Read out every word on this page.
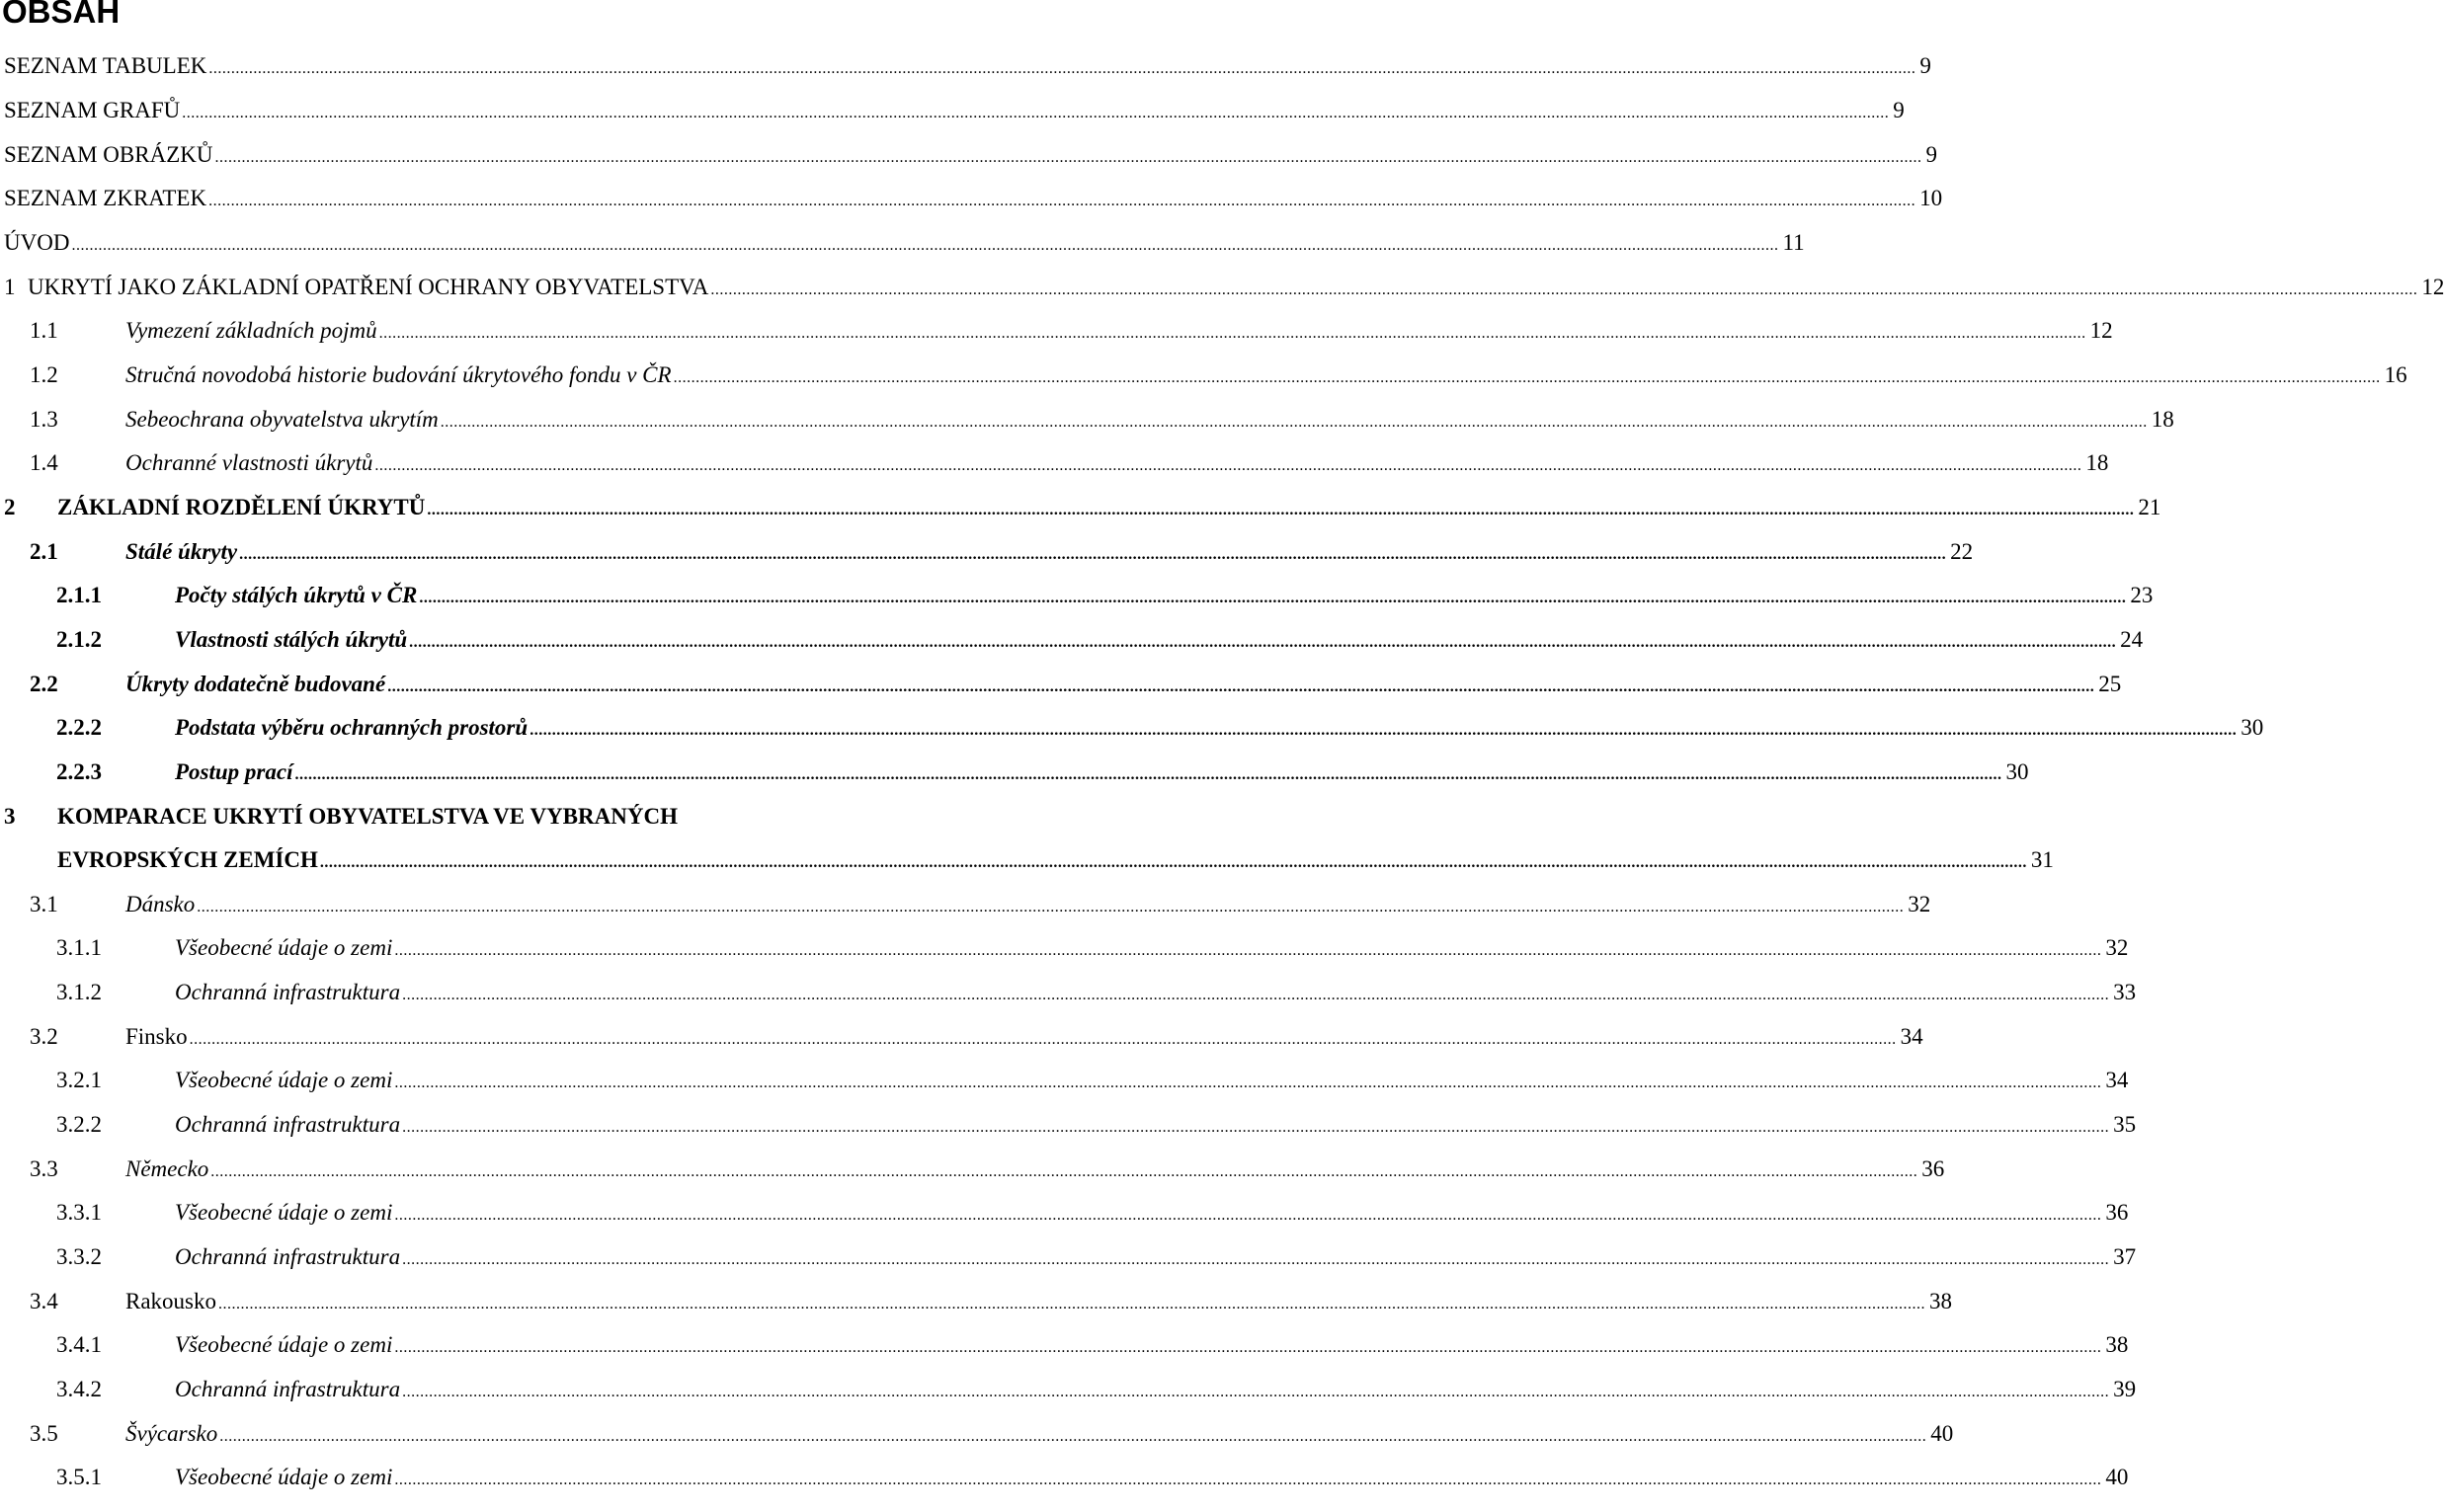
OBSAH
SEZNAM TABULEK .....	9
SEZNAM GRAFŮ .....	9
SEZNAM OBRÁZKŮ .....	9
SEZNAM ZKRATEK .....	10
ÚVOD .....	11
1 UKRYTÍ JAKO ZÁKLADNÍ OPATŘENÍ OCHRANY OBYVATELSTVA .....	12
1.1	Vymezení základních pojmů .....	12
1.2	Stručná novodobá historie budování úkrytového fondu v ČR .....	16
1.3	Sebeochrana obyvatelstva ukrytím .....	18
1.4	Ochranné vlastnosti úkrytů .....	18
2 ZÁKLADNÍ ROZDĚLENÍ ÚKRYTŮ .....	21
2.1	Stálé úkryty .....	22
2.1.1	Počty stálých úkrytů v ČR .....	23
2.1.2	Vlastnosti stálých úkrytů .....	24
2.2	Úkryty dodatečně budované .....	25
2.2.2	Podstata výběru ochranných prostorů .....	30
2.2.3	Postup prací .....	30
3 KOMPARACE UKRYTÍ OBYVATELSTVA VE VYBRANÝCH
EVROPSKÝCH ZEMÍCH .....	31
3.1	Dánsko .....	32
3.1.1	Všeobecné údaje o zemi .....	32
3.1.2	Ochranná infrastruktura .....	33
3.2	Finsko .....	34
3.2.1	Všeobecné údaje o zemi .....	34
3.2.2	Ochranná infrastruktura .....	35
3.3	Německo .....	36
3.3.1	Všeobecné údaje o zemi .....	36
3.3.2	Ochranná infrastruktura .....	37
3.4	Rakousko .....	38
3.4.1	Všeobecné údaje o zemi .....	38
3.4.2	Ochranná infrastruktura .....	39
3.5	Švýcarsko .....	40
3.5.1	Všeobecné údaje o zemi .....	40
